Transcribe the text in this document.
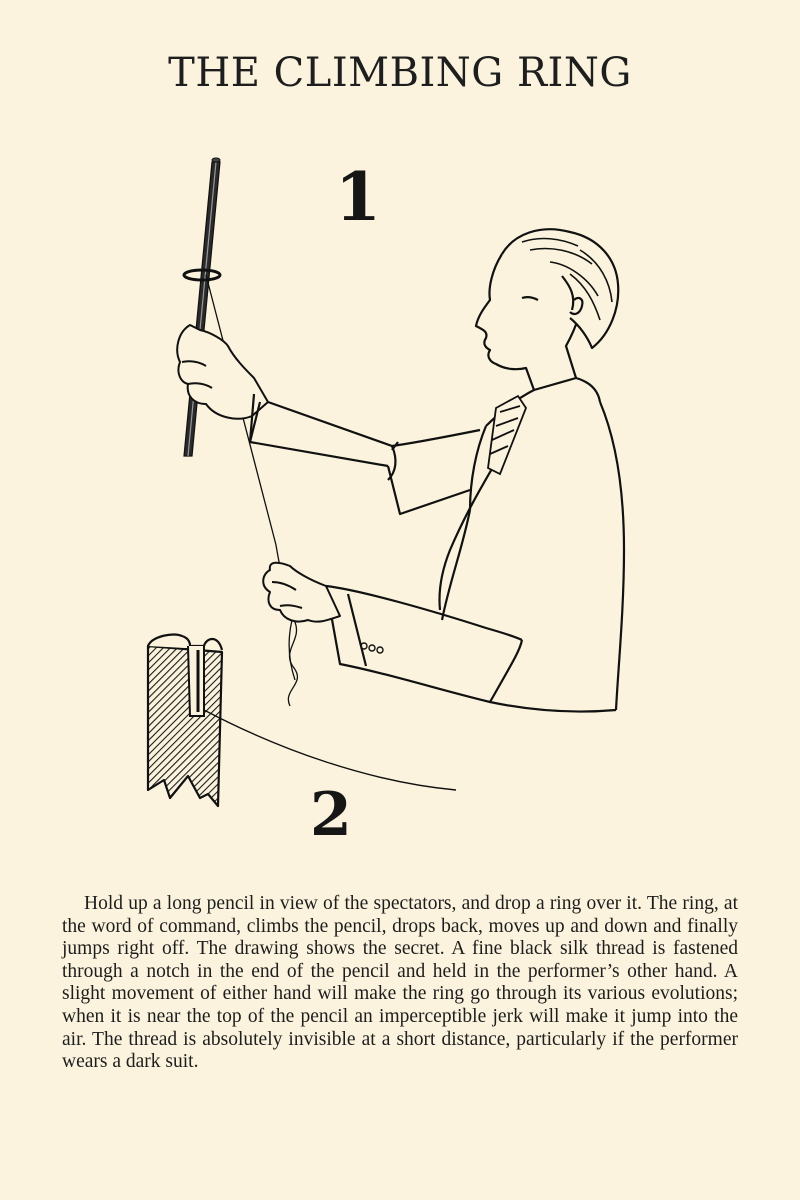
THE CLIMBING RING
1
2

Hold up a long pencil in view of the spectators, and drop a ring over it. The ring, at the word of command, climbs the pencil, drops back, moves up and down and finally jumps right off. The drawing shows the secret. A fine black silk thread is fastened through a notch in the end of the pencil and held in the performer’s other hand. A slight movement of either hand will make the ring go through its various evolutions; when it is near the top of the pencil an imperceptible jerk will make it jump into the air. The thread is absolutely invisible at a short distance, particularly if the performer wears a dark suit.
